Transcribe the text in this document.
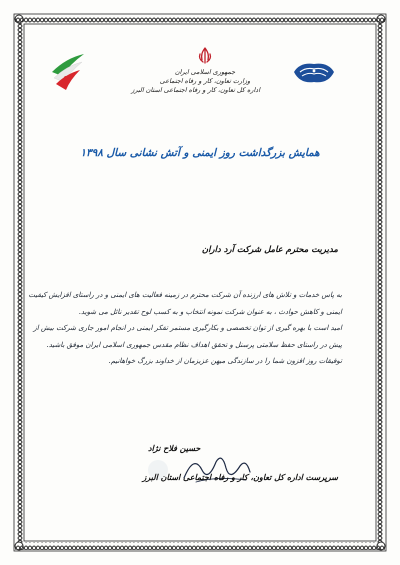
جمهوری اسلامی ایران
وزارت تعاون، کار و رفاه اجتماعی
اداره کل تعاون، کار و رفاه اجتماعی استان البرز
همایش بزرگداشت روز ایمنی و آتش نشانی سال ۱۳۹۸
مدیریت محترم عامل شرکت آرد داران

به پاس خدمات و تلاش های ارزنده آن شرکت محترم در زمینه فعالیت های ایمنی و در راستای افزایش کیفیت

ایمنی و کاهش حوادث ، به عنوان شرکت نمونه انتخاب و به کسب لوح تقدیر نائل می شوید.

امید است با بهره گیری از توان تخصصی و بکارگیری مستمر تفکر ایمنی در انجام امور جاری شرکت بیش از

پیش در راستای حفظ سلامتی پرسنل و تحقق اهداف نظام مقدس جمهوری اسلامی ایران موفق باشید.

توفیقات روز افزون شما را در سازندگی میهن عزیزمان از خداوند بزرگ خواهانیم.

حسین فلاح نژاد
سرپرست اداره کل تعاون، کار و رفاه اجتماعی استان البرز
